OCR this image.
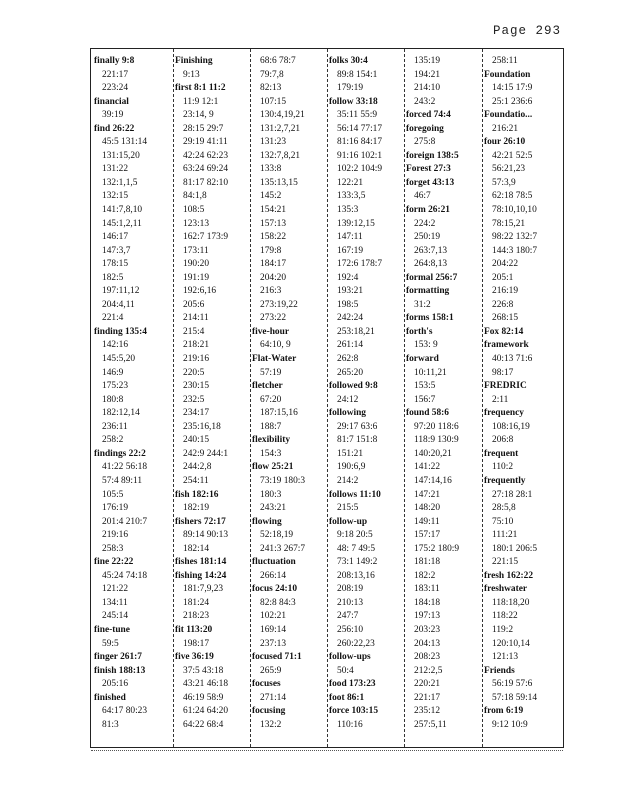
Page 293
finally 9:8
221:17
223:24
financial
39:19
find 26:22
45:5 131:14
131:15,20
131:22
132:1,1,5
132:15
141:7,8,10
145:1,2,11
146:17
147:3,7
178:15
182:5
197:11,12
204:4,11
221:4
finding 135:4
142:16
145:5,20
146:9
175:23
180:8
182:12,14
236:11
258:2
findings 22:2
41:22 56:18
57:4 89:11
105:5
176:19
201:4 210:7
219:16
258:3
fine 22:22
45:24 74:18
121:22
134:11
245:14
fine-tune
59:5
finger 261:7
finish 188:13
205:16
finished
64:17 80:23
81:3
Finishing
9:13
first 8:1 11:2
11:9 12:1
23:14, 9
28:15 29:7
29:19 41:11
42:24 62:23
63:24 69:24
81:17 82:10
84:1,8
108:5
123:13
162:7 173:9
173:11
190:20
191:19
192:6,16
205:6
214:11
215:4
218:21
219:16
220:5
230:15
232:5
234:17
235:16,18
240:15
242:9 244:1
244:2,8
254:11
fish 182:16
182:19
fishers 72:17
89:14 90:13
182:14
fishes 181:14
fishing 14:24
181:7,9,23
181:24
218:23
fit 113:20
198:17
five 36:19
37:5 43:18
43:21 46:18
46:19 58:9
61:24 64:20
64:22 68:4
68:6 78:7
79:7,8
82:13
107:15
130:4,19,21
131:2,7,21
131:23
132:7,8,21
133:8
135:13,15
145:2
154:21
157:13
158:22
179:8
184:17
204:20
216:3
273:19,22
273:22
five-hour
64:10, 9
Flat-Water
57:19
fletcher
67:20
187:15,16
188:7
flexibility
154:3
flow 25:21
73:19 180:3
180:3
243:21
flowing
52:18,19
241:3 267:7
fluctuation
266:14
focus 24:10
82:8 84:3
102:21
169:14
237:13
focused 71:1
265:9
focuses
271:14
focusing
132:2
folks 30:4
89:8 154:1
179:19
follow 33:18
35:11 55:9
56:14 77:17
81:16 84:17
91:16 102:1
102:2 104:9
122:21
133:3,5
135:3
139:12,15
147:11
167:19
172:6 178:7
192:4
193:21
198:5
242:24
253:18,21
261:14
262:8
265:20
followed 9:8
24:12
following
29:17 63:6
81:7 151:8
151:21
190:6,9
214:2
follows 11:10
215:5
follow-up
9:18 20:5
48: 7 49:5
73:1 149:2
208:13,16
208:19
210:13
247:7
256:10
260:22,23
follow-ups
50:4
food 173:23
foot 86:1
force 103:15
110:16
135:19
194:21
214:10
243:2
forced 74:4
foregoing
275:8
foreign 138:5
Forest 27:3
forget 43:13
46:7
form 26:21
224:2
250:19
263:7,13
264:8,13
formal 256:7
formatting
31:2
forms 158:1
forth's
153: 9
forward
10:11,21
153:5
156:7
found 58:6
97:20 118:6
118:9 130:9
140:20,21
141:22
147:14,16
147:21
148:20
149:11
157:17
175:2 180:9
181:18
182:2
183:11
184:18
197:13
203:23
204:13
208:23
212:2,5
220:21
221:17
235:12
257:5,11
258:11
Foundation
14:15 17:9
25:1 236:6
Foundatio...
216:21
four 26:10
42:21 52:5
56:21,23
57:3,9
62:18 78:5
78:10,10,10
78:15,21
98:22 132:7
144:3 180:7
204:22
205:1
216:19
226:8
268:15
Fox 82:14
framework
40:13 71:6
98:17
FREDRIC
2:11
frequency
108:16,19
206:8
frequent
110:2
frequently
27:18 28:1
28:5,8
75:10
111:21
180:1 206:5
221:15
fresh 162:22
freshwater
118:18,20
118:22
119:2
120:10,14
121:13
Friends
56:19 57:6
57:18 59:14
from 6:19
9:12 10:9
